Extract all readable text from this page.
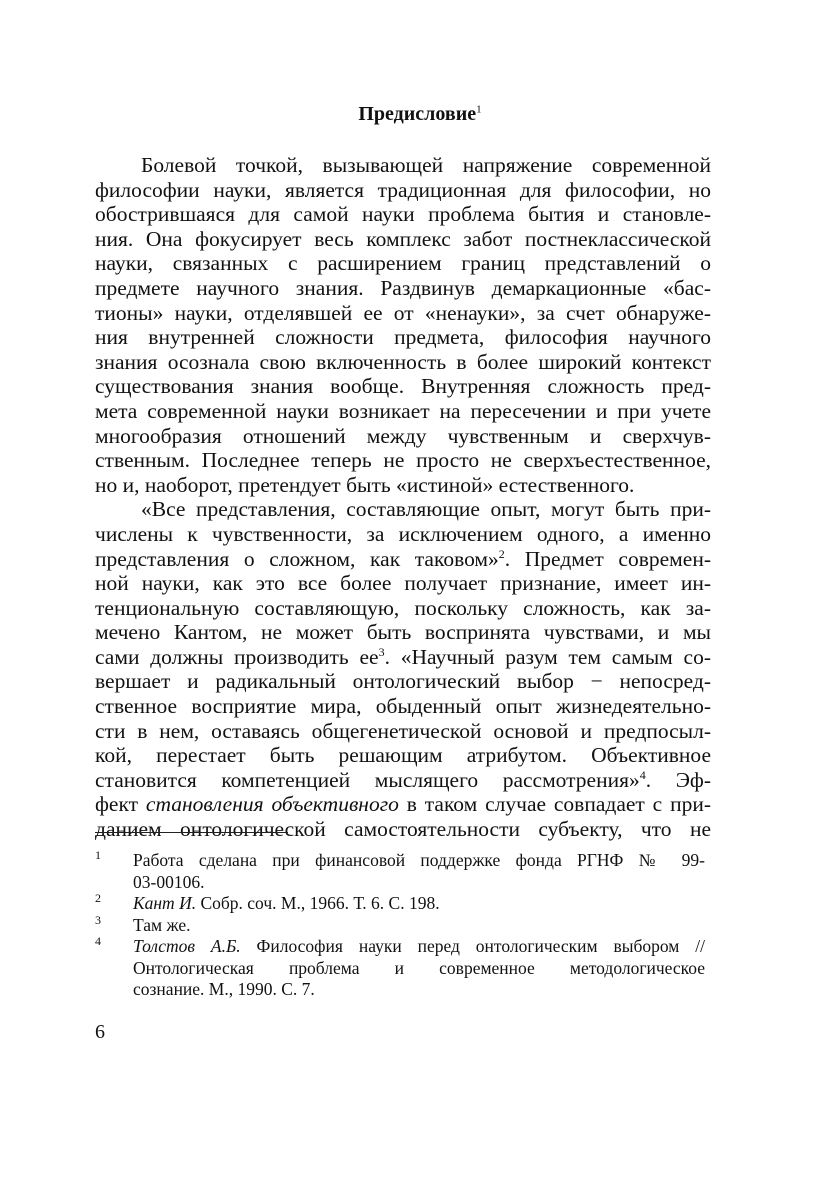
Предисловие$^1$
Болевой точкой, вызывающей напряжение современной
философии науки, является традиционная для философии, но
обострившаяся для самой науки проблема бытия и становле-
ния. Она фокусирует весь комплекс забот постнеклассической
науки, связанных с расширением границ представлений о
предмете научного знания. Раздвинув демаркационные «бас-
тионы» науки, отделявшей ее от «ненауки», за счет обнаруже-
ния внутренней сложности предмета, философия научного
знания осознала свою включенность в более широкий контекст
существования знания вообще. Внутренняя сложность пред-
мета современной науки возникает на пересечении и при учете
многообразия отношений между чувственным и сверхчув-
ственным. Последнее теперь не просто не сверхъестественное,
но и, наоборот, претендует быть «истиной» естественного.
«Все представления, составляющие опыт, могут быть при-
числены к чувственности, за исключением одного, а именно
представления о сложном, как таковом»$^2$. Предмет современ-
ной науки, как это все более получает признание, имеет ин-
тенциональную составляющую, поскольку сложность, как за-
мечено Кантом, не может быть воспринята чувствами, и мы
сами должны производить $ее^3$. «Научный разум тем самым со-
вершает и радикальный онтологический выбор − непосред-
ственное восприятие мира, обыденный опыт жизнедеятельно-
сти в нем, оставаясь общегенетической основой и предпосыл-
кой, перестает быть решающим атрибутом. Объективное
становится компетенцией мыслящего рассмотрения»$^4$. Эф-
фект становления объективного в таком случае совпадает с при-
данием онтологической самостоятельности субъекту, что не
1 Работа сделана при финансовой поддержке фонда РГНФ № 99-
03-00106.
2 Кант И. Собр. соч. М., 1966. Т. 6. С. 198.
3 Там же.
4 Толстов А.Б. Философия науки перед онтологическим выбором //
Онтологическая проблема и современное методологическое
сознание. М., 1990. С. 7.
6
